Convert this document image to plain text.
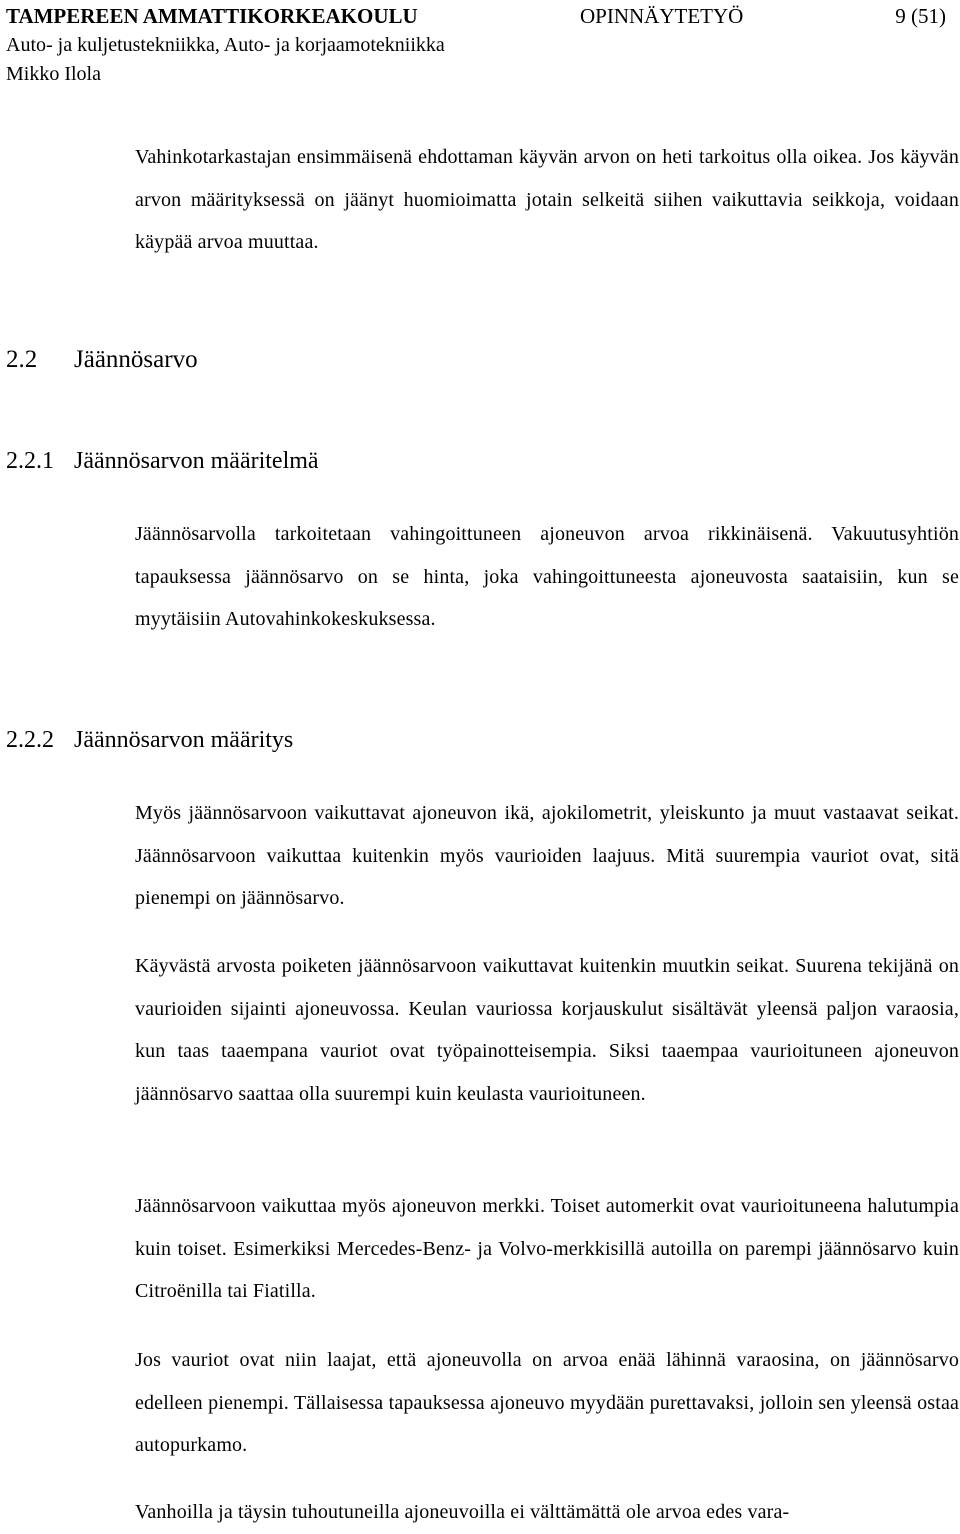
TAMPEREEN AMMATTIKORKEAKOULU	OPINNÄYTETYÖ	9 (51)
Auto- ja kuljetustekniikka, Auto- ja korjaamotekniikka
Mikko Ilola
Vahinkotarkastajan ensimmäisenä ehdottaman käyvän arvon on heti tarkoitus olla oikea. Jos käyvän arvon määrityksessä on jäänyt huomioimatta jotain selkeitä siihen vaikuttavia seikkoja, voidaan käypää arvoa muuttaa.
2.2 Jäännösarvo
2.2.1 Jäännösarvon määritelmä
Jäännösarvolla tarkoitetaan vahingoittuneen ajoneuvon arvoa rikkinäisenä. Vakuutusyhtiön tapauksessa jäännösarvo on se hinta, joka vahingoittuneesta ajoneuvosta saataisiin, kun se myytäisiin Autovahinkokeskuksessa.
2.2.2 Jäännösarvon määritys
Myös jäännösarvoon vaikuttavat ajoneuvon ikä, ajokilometrit, yleiskunto ja muut vastaavat seikat. Jäännösarvoon vaikuttaa kuitenkin myös vaurioiden laajuus. Mitä suurempia vauriot ovat, sitä pienempi on jäännösarvo.
Käyvästä arvosta poiketen jäännösarvoon vaikuttavat kuitenkin muutkin seikat. Suurena tekijänä on vaurioiden sijainti ajoneuvossa. Keulan vauriossa korjauskulut sisältävät yleensä paljon varaosia, kun taas taaempana vauriot ovat työpainotteisempia. Siksi taaempaa vaurioituneen ajoneuvon jäännösarvo saattaa olla suurempi kuin keulasta vaurioituneen.
Jäännösarvoon vaikuttaa myös ajoneuvon merkki. Toiset automerkit ovat vaurioituneena halutumpia kuin toiset. Esimerkiksi Mercedes-Benz- ja Volvo-merkkisillä autoilla on parempi jäännösarvo kuin Citroënilla tai Fiatilla.
Jos vauriot ovat niin laajat, että ajoneuvolla on arvoa enää lähinnä varaosina, on jäännösarvo edelleen pienempi. Tällaisessa tapauksessa ajoneuvo myydään purettavaksi, jolloin sen yleensä ostaa autopurkamo.
Vanhoilla ja täysin tuhoutuneilla ajoneuvoilla ei välttämättä ole arvoa edes vara-
